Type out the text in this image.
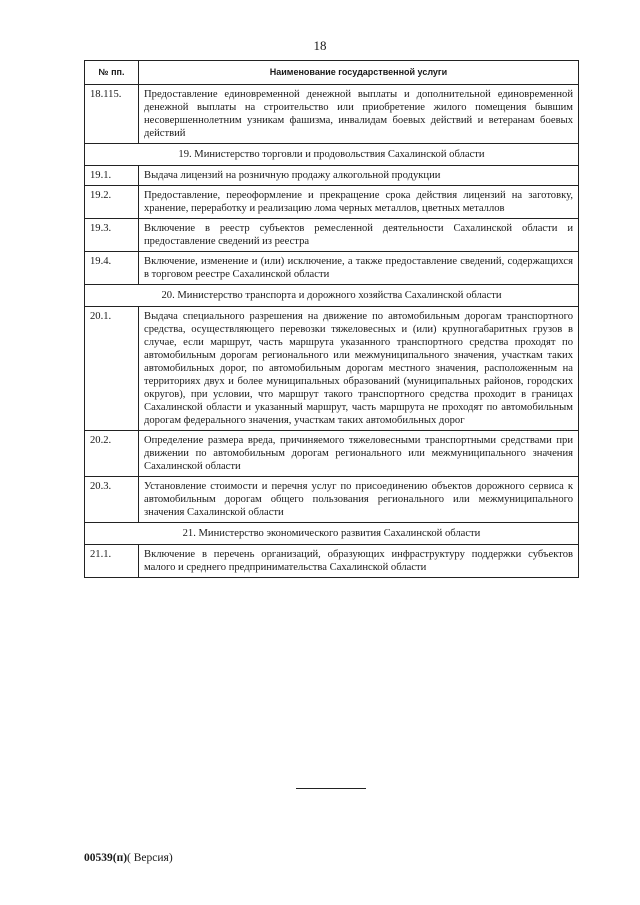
18
№ пп.	Наименование государственной услуги
18.115.	Предоставление единовременной денежной выплаты и дополнительной единовременной денежной выплаты на строительство или приобретение жилого помещения бывшим несовершеннолетним узникам фашизма, инвалидам боевых действий и ветеранам боевых действий
19. Министерство торговли и продовольствия Сахалинской области	
19.1.	Выдача лицензий на розничную продажу алкогольной продукции
19.2.	Предоставление, переоформление и прекращение срока действия лицензий на заготовку, хранение, переработку и реализацию лома черных металлов, цветных металлов
19.3.	Включение в реестр субъектов ремесленной деятельности Сахалинской области и предоставление сведений из реестра
19.4.	Включение, изменение и (или) исключение, а также предоставление сведений, содержащихся в торговом реестре Сахалинской области
20. Министерство транспорта и дорожного хозяйства Сахалинской области	
20.1.	Выдача специального разрешения на движение по автомобильным дорогам транспортного средства, осуществляющего перевозки тяжеловесных и (или) крупногабаритных грузов в случае, если маршрут, часть маршрута указанного транспортного средства проходят по автомобильным дорогам регионального или межмуниципального значения, участкам таких автомобильных дорог, по автомобильным дорогам местного значения, расположенным на территориях двух и более муниципальных образований (муниципальных районов, городских округов), при условии, что маршрут такого транспортного средства проходит в границах Сахалинской области и указанный маршрут, часть маршрута не проходят по автомобильным дорогам федерального значения, участкам таких автомобильных дорог
20.2.	Определение размера вреда, причиняемого тяжеловесными транспортными средствами при движении по автомобильным дорогам регионального или межмуниципального значения Сахалинской области
20.3.	Установление стоимости и перечня услуг по присоединению объектов дорожного сервиса к автомобильным дорогам общего пользования регионального или межмуниципального значения Сахалинской области
21. Министерство экономического развития Сахалинской области	
21.1.	Включение в перечень организаций, образующих инфраструктуру поддержки субъектов малого и среднего предпринимательства Сахалинской области
00539(п)( Версия)
